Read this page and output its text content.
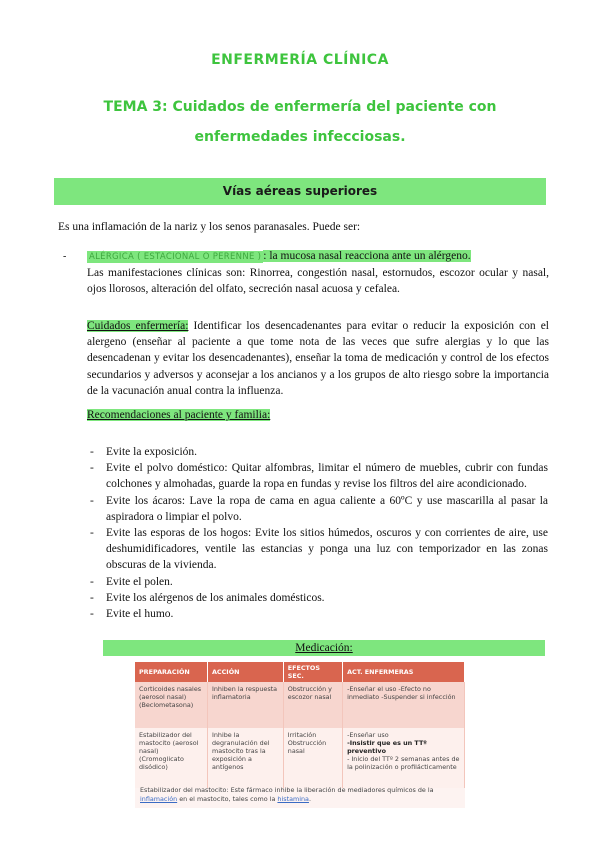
ENFERMERÍA CLÍNICA
TEMA 3: Cuidados de enfermería del paciente con enfermedades infecciosas.
Vías aéreas superiores
Es una inflamación de la nariz y los senos paranasales. Puede ser:
-	ALÉRGICA ( ESTACIONAL O PERENNE ) : la mucosa nasal reacciona ante un alérgeno.
Las manifestaciones clínicas son: Rinorrea, congestión nasal, estornudos, escozor ocular y nasal, ojos llorosos, alteración del olfato, secreción nasal acuosa y cefalea.
Cuidados enfermería: Identificar los desencadenantes para evitar o reducir la exposición con el alergeno (enseñar al paciente a que tome nota de las veces que sufre alergias y lo que las desencadenan y evitar los desencadenantes), enseñar la toma de medicación y control de los efectos secundarios y adversos y aconsejar a los ancianos y a los grupos de alto riesgo sobre la importancia de la vacunación anual contra la influenza.
Recomendaciones al paciente y familia:
- Evite la exposición.
- Evite el polvo doméstico: Quitar alfombras, limitar el número de muebles, cubrir con fundas colchones y almohadas, guarde la ropa en fundas y revise los filtros del aire acondicionado.
- Evite los ácaros: Lave la ropa de cama en agua caliente a 60ºC y use mascarilla al pasar la aspiradora o limpiar el polvo.
- Evite las esporas de los hogos: Evite los sitios húmedos, oscuros y con corrientes de aire, use deshumidificadores, ventile las estancias y ponga una luz con temporizador en las zonas obscuras de la vivienda.
- Evite el polen.
- Evite los alérgenos de los animales domésticos.
- Evite el humo.
Medicación:
PREPARACIÓN	ACCIÓN	EFECTOS SEC.	ACT. ENFERMERAS
Corticoides nasales (aerosol nasal) (Beclometasona)	Inhiben la respuesta inflamatoria	Obstrucción y escozor nasal	-Enseñar el uso -Efecto no inmediato -Suspender si infección
Estabilizador del mastocito (aerosol nasal) (Cromoglicato disódico)	Inhibe la degranulación del mastocito tras la exposición a antígenos	Irritación Obstrucción nasal	-Enseñar uso
-Insistir que es un TTº preventivo
- Inicio del TTº 2 semanas antes de la polinización o profilácticamente
Estabilizador del mastocito: Este fármaco inhibe la liberación de mediadores químicos de la inflamación en el mastocito, tales como la histamina.
